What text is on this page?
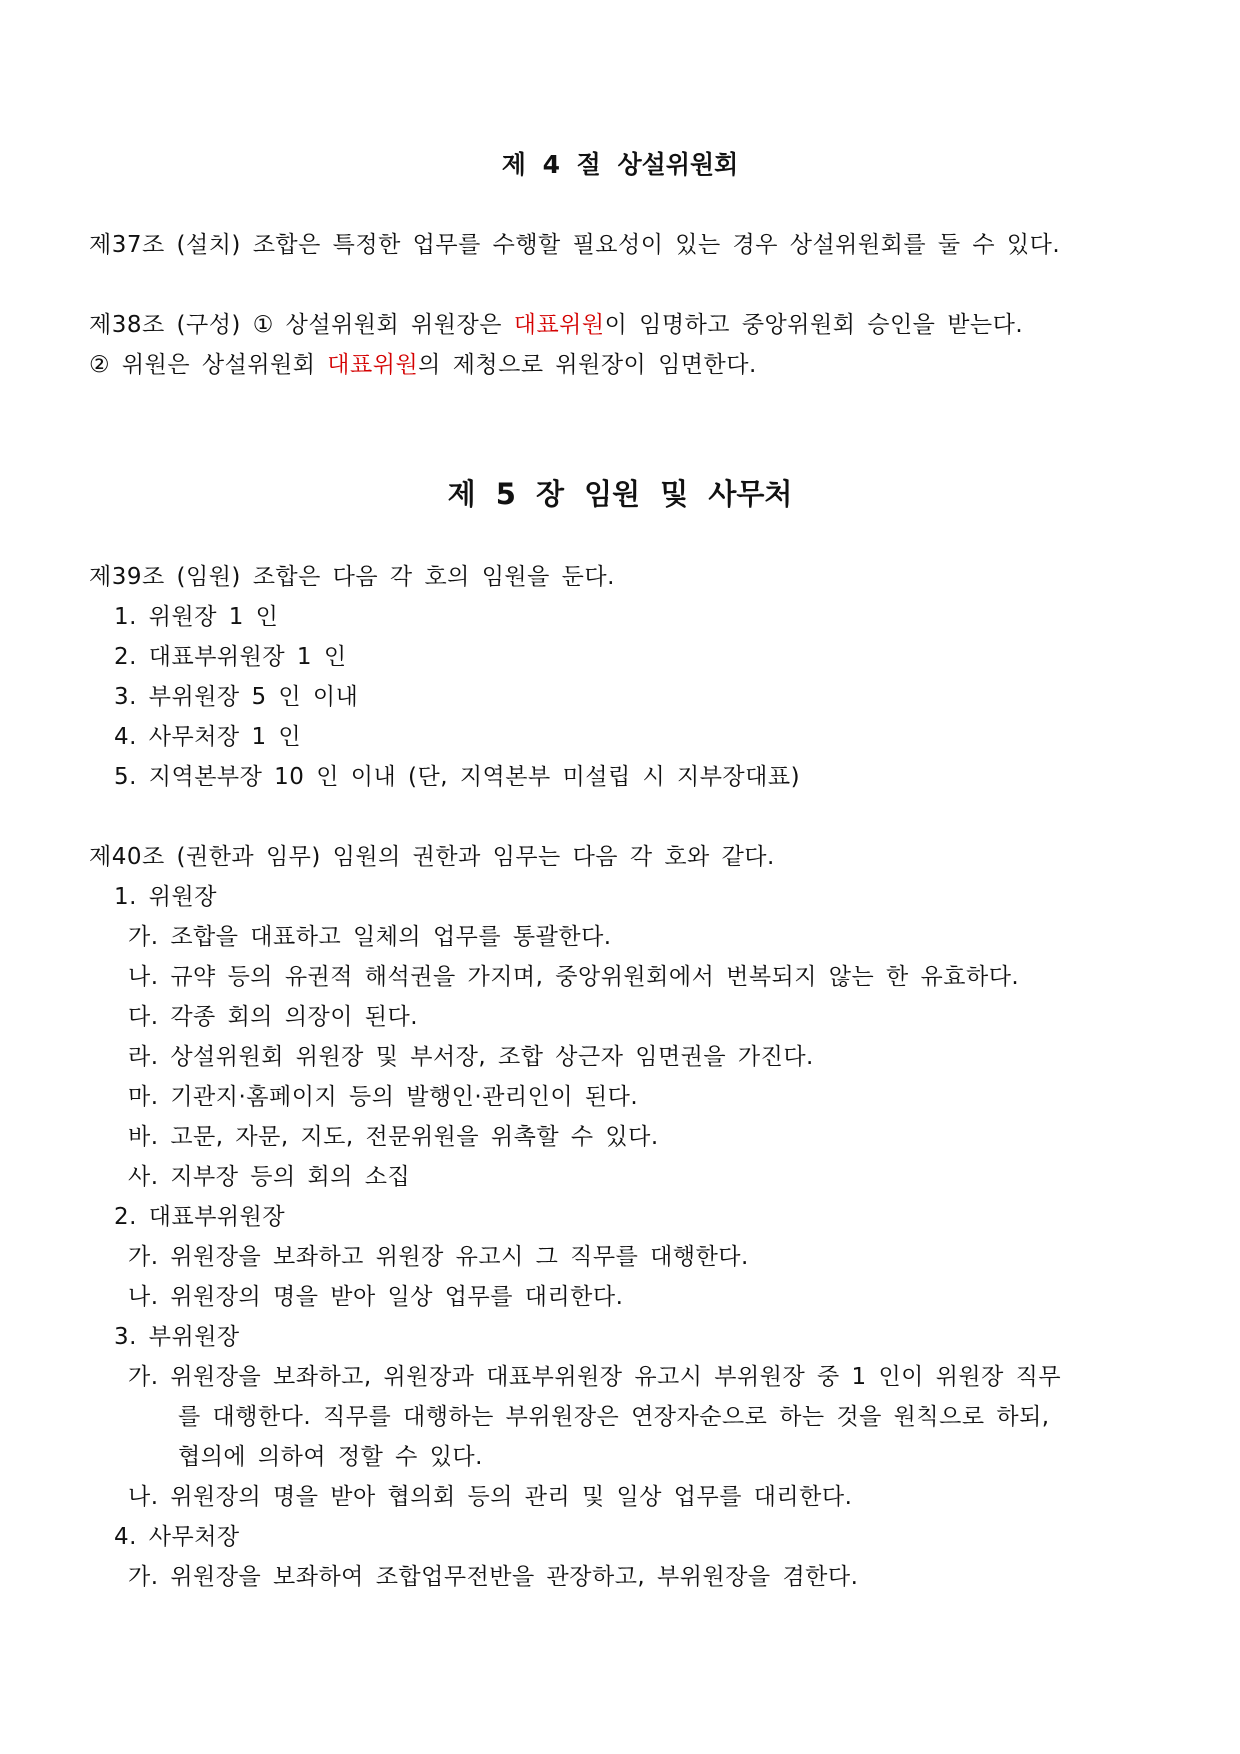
제 4 절 상설위원회
제37조 (설치) 조합은 특정한 업무를 수행할 필요성이 있는 경우 상설위원회를 둘 수 있다.
제38조 (구성) ① 상설위원회 위원장은 대표위원이 임명하고 중앙위원회 승인을 받는다.
② 위원은 상설위원회 대표위원의 제청으로 위원장이 임면한다.
제 5 장 임원 및 사무처
제39조 (임원) 조합은 다음 각 호의 임원을 둔다.
1. 위원장 1 인
2. 대표부위원장 1 인
3. 부위원장 5 인 이내
4. 사무처장 1 인
5. 지역본부장 10 인 이내 (단, 지역본부 미설립 시 지부장대표)
제40조 (권한과 임무) 임원의 권한과 임무는 다음 각 호와 같다.
1. 위원장
가. 조합을 대표하고 일체의 업무를 통괄한다.
나. 규약 등의 유권적 해석권을 가지며, 중앙위원회에서 번복되지 않는 한 유효하다.
다. 각종 회의 의장이 된다.
라. 상설위원회 위원장 및 부서장, 조합 상근자 임면권을 가진다.
마. 기관지·홈페이지 등의 발행인·관리인이 된다.
바. 고문, 자문, 지도, 전문위원을 위촉할 수 있다.
사. 지부장 등의 회의 소집
2. 대표부위원장
가. 위원장을 보좌하고 위원장 유고시 그 직무를 대행한다.
나. 위원장의 명을 받아 일상 업무를 대리한다.
3. 부위원장
가. 위원장을 보좌하고, 위원장과 대표부위원장 유고시 부위원장 중 1 인이 위원장 직무
를 대행한다. 직무를 대행하는 부위원장은 연장자순으로 하는 것을 원칙으로 하되,
협의에 의하여 정할 수 있다.
나. 위원장의 명을 받아 협의회 등의 관리 및 일상 업무를 대리한다.
4. 사무처장
가. 위원장을 보좌하여 조합업무전반을 관장하고, 부위원장을 겸한다.
